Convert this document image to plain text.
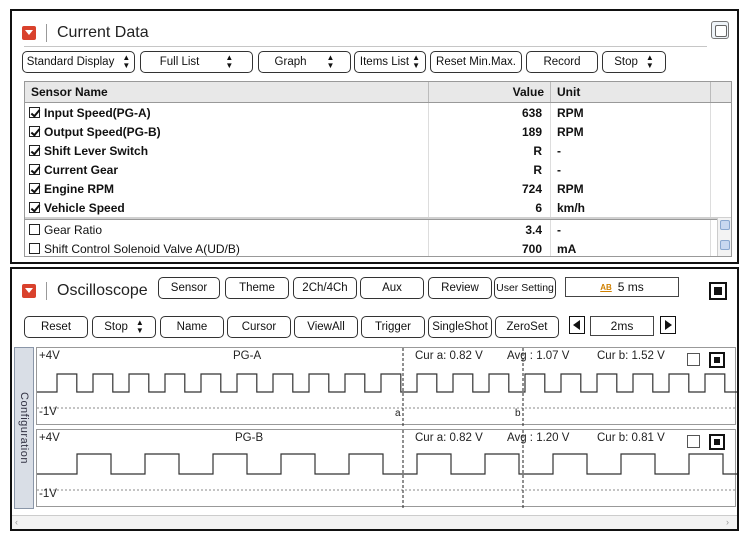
Current Data
Standard Display ▲
▼	Full List	▲
▼	Graph	▲
▼ Items List ▲
▼ Reset Min.Max. Record	Stop ▲
▼
Sensor Name	Value	Unit
Input Speed(PG-A)	638	RPM
Output Speed(PG-B)	189	RPM
Shift Lever Switch	R	-
Current Gear	R	-
Engine RPM	724	RPM
Vehicle Speed	6	km/h
Gear Ratio	3.4	-
Shift Control Solenoid Valve A(UD/B)	700	mA
Oscilloscope Sensor	Theme 2Ch/4Ch	Aux	Review User Setting	AB 5 ms
Reset	Stop ▲
▼	Name	Cursor	ViewAll	Trigger SingleShot ZeroSet	2ms
Configuration
+4V
-1V
PG-A	Cur a: 0.82 V Avg : 1.07 V Cur b: 1.52 V
a	b
+4V
-1V
PG-B	Cur a: 0.82 V Avg : 1.20 V Cur b: 0.81 V
‹	›
